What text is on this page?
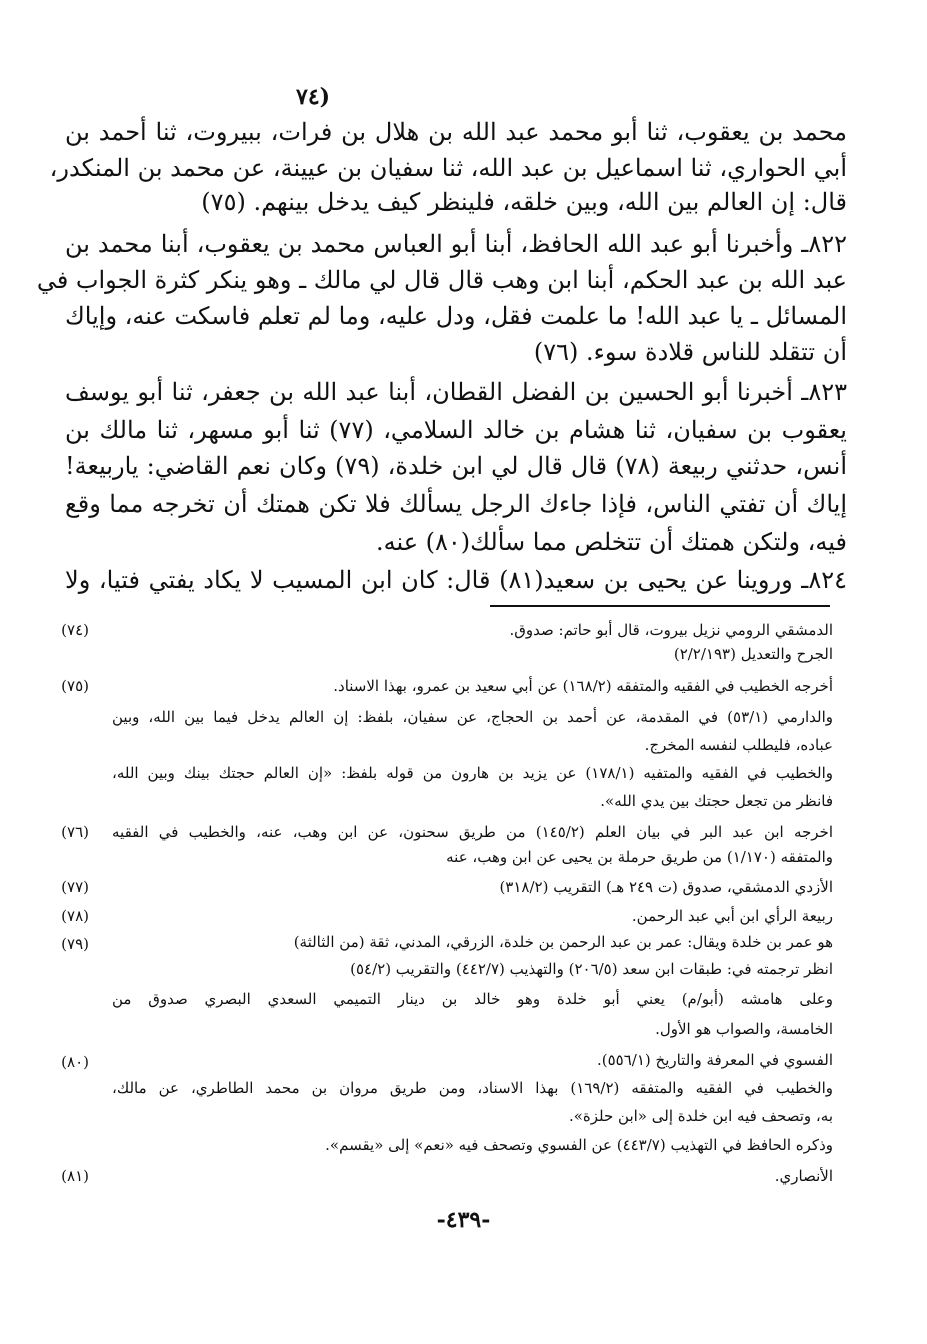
(٧٤
محمد بن يعقوب، ثنا أبو محمد عبد الله بن هلال بن فرات، ببيروت، ثنا أحمد بن
أبي الحواري، ثنا اسماعيل بن عبد الله، ثنا سفيان بن عيينة، عن محمد بن المنكدر،
قال: إن العالم بين الله، وبين خلقه، فلينظر كيف يدخل بينهم. (٧٥)
٨٢٢ـ وأخبرنا أبو عبد الله الحافظ، أبنا أبو العباس محمد بن يعقوب، أبنا محمد بن
عبد الله بن عبد الحكم، أبنا ابن وهب قال قال لي مالك ـ وهو ينكر كثرة الجواب في
المسائل ـ يا عبد الله! ما علمت فقل، ودل عليه، وما لم تعلم فاسكت عنه، وإياك
أن تتقلد للناس قلادة سوء. (٧٦)
٨٢٣ـ أخبرنا أبو الحسين بن الفضل القطان، أبنا عبد الله بن جعفر، ثنا أبو يوسف
يعقوب بن سفيان، ثنا هشام بن خالد السلامي، (٧٧) ثنا أبو مسهر، ثنا مالك بن
أنس، حدثني ربيعة (٧٨) قال قال لي ابن خلدة، (٧٩) وكان نعم القاضي: ياربيعة!
إياك أن تفتي الناس، فإذا جاءك الرجل يسألك فلا تكن همتك أن تخرجه مما وقع
فيه، ولتكن همتك أن تتخلص مما سألك(٨٠) عنه.
٨٢٤ـ وروينا عن يحيى بن سعيد(٨١) قال: كان ابن المسيب لا يكاد يفتي فتيا، ولا
(٧٤)	الدمشقي الرومي نزيل بيروت، قال أبو حاتم: صدوق.
الجرح والتعديل (٢/٢/١٩٣)
(٧٥)	أخرجه الخطيب في الفقيه والمتفقه (١٦٨/٢) عن أبي سعيد بن عمرو، بهذا الاسناد.
والدارمي (٥٣/١) في المقدمة، عن أحمد بن الحجاج، عن سفيان، بلفظ: إن العالم يدخل فيما بين الله، وبين
عباده، فليطلب لنفسه المخرج.
والخطيب في الفقيه والمتفيه (١٧٨/١) عن يزيد بن هارون من قوله بلفظ: «إن العالم حجتك بينك وبين الله،
فانظر من تجعل حجتك بين يدي الله».
(٧٦) اخرجه ابن عبد البر في بيان العلم (١٤٥/٢) من طريق سحنون، عن ابن وهب، عنه، والخطيب في الفقيه
والمتفقه (١/١٧٠) من طريق حرملة بن يحيى عن ابن وهب، عنه
(٧٧)	الأزدي الدمشقي، صدوق (ت ٢٤٩ هـ) التقريب (٣١٨/٢)
(٧٨)	ربيعة الرأي ابن أبي عبد الرحمن.
(٧٩)	هو عمر بن خلدة ويقال: عمر بن عبد الرحمن بن خلدة، الزرقي، المدني، ثقة (من الثالثة)
انظر ترجمته في: طبقات ابن سعد (٢٠٦/٥) والتهذيب (٤٤٢/٧) والتقريب (٥٤/٢)
وعلى هامشه (أبو/م) يعني أبو خلدة وهو خالد بن دينار التميمي السعدي البصري صدوق من
الخامسة، والصواب هو الأول.
(٨٠)	الفسوي في المعرفة والتاريخ (٥٥٦/١).
والخطيب في الفقيه والمتفقه (١٦٩/٢) بهذا الاسناد، ومن طريق مروان بن محمد الطاطري، عن مالك،
به، وتصحف فيه ابن خلدة إلى «ابن حلزة».
وذكره الحافظ في التهذيب (٤٤٣/٧) عن الفسوي وتصحف فيه «نعم» إلى «يقسم».
(٨١)	الأنصاري.
-٤٣٩-
